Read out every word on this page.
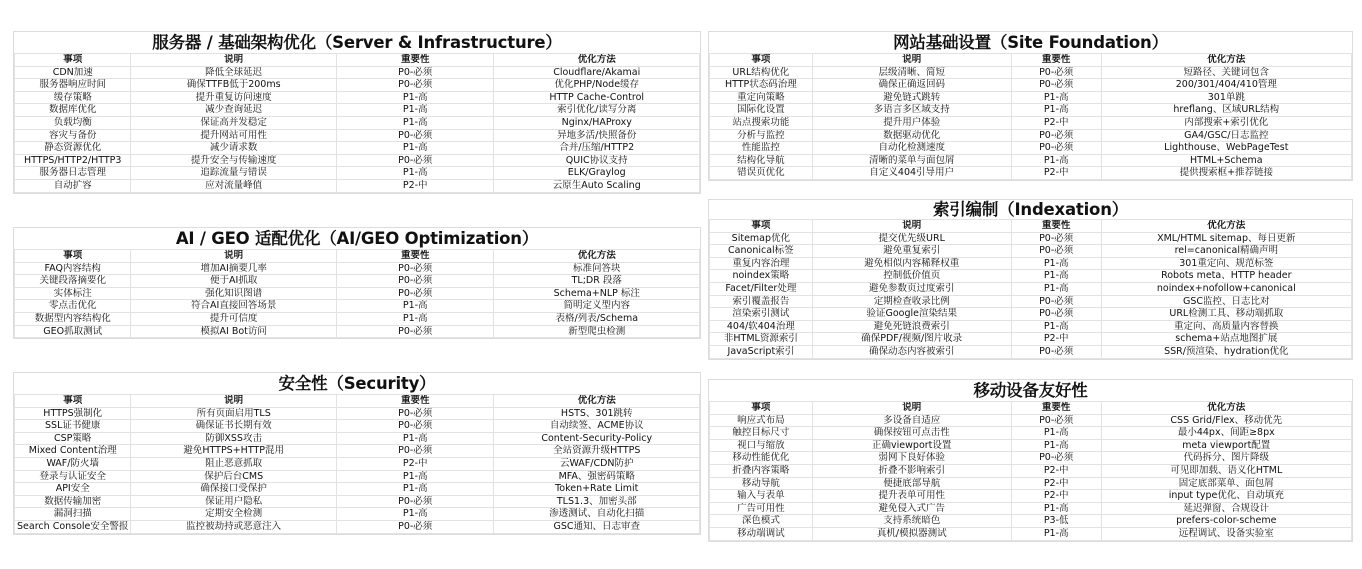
服务器 / 基础架构优化（Server & Infrastructure）
事项	说明	重要性	优化方法
CDN加速	降低全球延迟	P0-必须	Cloudflare/Akamai
服务器响应时间	确保TTFB低于200ms	P0-必须	优化PHP/Node缓存
缓存策略	提升重复访问速度	P1-高	HTTP Cache-Control
数据库优化	减少查询延迟	P1-高	索引优化/读写分离
负载均衡	保证高并发稳定	P1-高	Nginx/HAProxy
容灾与备份	提升网站可用性	P0-必须	异地多活/快照备份
静态资源优化	减少请求数	P1-高	合并/压缩/HTTP2
HTTPS/HTTP2/HTTP3	提升安全与传输速度	P0-必须	QUIC协议支持
服务器日志管理	追踪流量与错误	P1-高	ELK/Graylog
自动扩容	应对流量峰值	P2-中	云原生Auto Scaling
AI / GEO 适配优化（AI/GEO Optimization）
事项	说明	重要性	优化方法
FAQ内容结构	增加AI摘要几率	P0-必须	标准问答块
关键段落摘要化	便于AI抓取	P0-必须	TL;DR 段落
实体标注	强化知识图谱	P0-必须	Schema+NLP 标注
零点击优化	符合AI直接回答场景	P1-高	简明定义型内容
数据型内容结构化	提升可信度	P1-高	表格/列表/Schema
GEO抓取测试	模拟AI Bot访问	P0-必须	新型爬虫检测
安全性（Security）
事项	说明	重要性	优化方法
HTTPS强制化	所有页面启用TLS	P0-必须	HSTS、301跳转
SSL证书健康	确保证书长期有效	P0-必须	自动续签、ACME协议
CSP策略	防御XSS攻击	P1-高	Content-Security-Policy
Mixed Content治理	避免HTTPS+HTTP混用	P0-必须	全站资源升级HTTPS
WAF/防火墙	阻止恶意抓取	P2-中	云WAF/CDN防护
登录与认证安全	保护后台CMS	P1-高	MFA、强密码策略
API安全	确保接口受保护	P1-高	Token+Rate Limit
数据传输加密	保证用户隐私	P0-必须	TLS1.3、加密头部
漏洞扫描	定期安全检测	P1-高	渗透测试、自动化扫描
Search Console安全警报	监控被劫持或恶意注入	P0-必须	GSC通知、日志审查
网站基础设置（Site Foundation）
事项	说明	重要性	优化方法
URL结构优化	层级清晰、简短	P0-必须	短路径、关键词包含
HTTP状态码治理	确保正确返回码	P0-必须	200/301/404/410管理
重定向策略	避免链式跳转	P1-高	301单跳
国际化设置	多语言多区域支持	P1-高	hreflang、区域URL结构
站点搜索功能	提升用户体验	P2-中	内部搜索+索引优化
分析与监控	数据驱动优化	P0-必须	GA4/GSC/日志监控
性能监控	自动化检测速度	P0-必须	Lighthouse、WebPageTest
结构化导航	清晰的菜单与面包屑	P1-高	HTML+Schema
错误页优化	自定义404引导用户	P2-中	提供搜索框+推荐链接
索引编制（Indexation）
事项	说明	重要性	优化方法
Sitemap优化	提交优先级URL	P0-必须	XML/HTML sitemap、每日更新
Canonical标签	避免重复索引	P0-必须	rel=canonical精确声明
重复内容治理	避免相似内容稀释权重	P1-高	301重定向、规范标签
noindex策略	控制低价值页	P1-高	Robots meta、HTTP header
Facet/Filter处理	避免参数页过度索引	P1-高	noindex+nofollow+canonical
索引覆盖报告	定期检查收录比例	P0-必须	GSC监控、日志比对
渲染索引测试	验证Google渲染结果	P0-必须	URL检测工具、移动端抓取
404/软404治理	避免死链浪费索引	P1-高	重定向、高质量内容替换
非HTML资源索引	确保PDF/视频/图片收录	P2-中	schema+站点地图扩展
JavaScript索引	确保动态内容被索引	P0-必须	SSR/预渲染、hydration优化
移动设备友好性
事项	说明	重要性	优化方法
响应式布局	多设备自适应	P0-必须	CSS Grid/Flex、移动优先
触控目标尺寸	确保按钮可点击性	P1-高	最小44px、间距≥8px
视口与缩放	正确viewport设置	P1-高	meta viewport配置
移动性能优化	弱网下良好体验	P0-必须	代码拆分、图片降级
折叠内容策略	折叠不影响索引	P2-中	可见即加载、语义化HTML
移动导航	便捷底部导航	P2-中	固定底部菜单、面包屑
输入与表单	提升表单可用性	P2-中	input type优化、自动填充
广告可用性	避免侵入式广告	P1-高	延迟弹窗、合规设计
深色模式	支持系统暗色	P3-低	prefers-color-scheme
移动端调试	真机/模拟器测试	P1-高	远程调试、设备实验室
